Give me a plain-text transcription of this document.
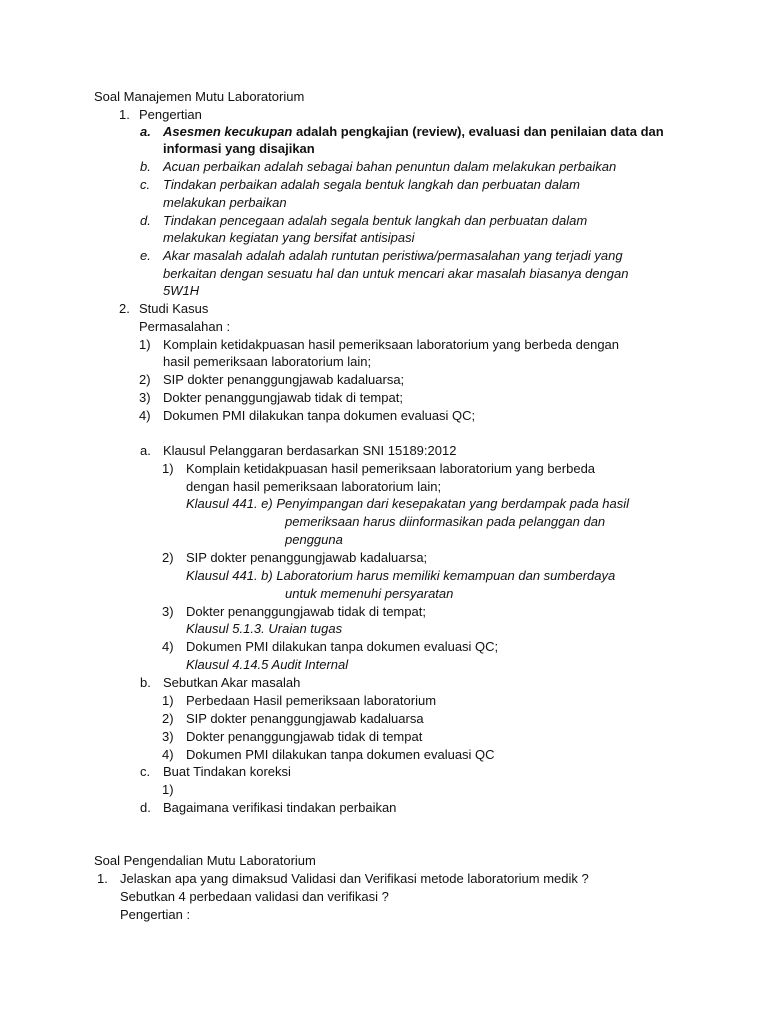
Soal Manajemen Mutu Laboratorium
1. Pengertian
a. Asesmen kecukupan adalah pengkajian (review), evaluasi dan penilaian data dan
informasi yang disajikan
b. Acuan perbaikan adalah sebagai bahan penuntun dalam melakukan perbaikan
c. Tindakan perbaikan adalah segala bentuk langkah dan perbuatan dalam
melakukan perbaikan
d. Tindakan pencegaan adalah segala bentuk langkah dan perbuatan dalam
melakukan kegiatan yang bersifat antisipasi
e. Akar masalah adalah adalah runtutan peristiwa/permasalahan yang terjadi yang
berkaitan dengan sesuatu hal dan untuk mencari akar masalah biasanya dengan
5W1H
2. Studi Kasus
Permasalahan :
1) Komplain ketidakpuasan hasil pemeriksaan laboratorium yang berbeda dengan
hasil pemeriksaan laboratorium lain;
2) SIP dokter penanggungjawab kadaluarsa;
3) Dokter penanggungjawab tidak di tempat;
4) Dokumen PMI dilakukan tanpa dokumen evaluasi QC;
a. Klausul Pelanggaran berdasarkan SNI 15189:2012
1) Komplain ketidakpuasan hasil pemeriksaan laboratorium yang berbeda
dengan hasil pemeriksaan laboratorium lain;
Klausul 441. e) Penyimpangan dari kesepakatan yang berdampak pada hasil
pemeriksaan harus diinformasikan pada pelanggan dan
pengguna
2) SIP dokter penanggungjawab kadaluarsa;
Klausul 441. b) Laboratorium harus memiliki kemampuan dan sumberdaya
untuk memenuhi persyaratan
3) Dokter penanggungjawab tidak di tempat;
Klausul 5.1.3. Uraian tugas
4) Dokumen PMI dilakukan tanpa dokumen evaluasi QC;
Klausul 4.14.5 Audit Internal
b. Sebutkan Akar masalah
1) Perbedaan Hasil pemeriksaan laboratorium
2) SIP dokter penanggungjawab kadaluarsa
3) Dokter penanggungjawab tidak di tempat
4) Dokumen PMI dilakukan tanpa dokumen evaluasi QC
c. Buat Tindakan koreksi
1)
d. Bagaimana verifikasi tindakan perbaikan
Soal Pengendalian Mutu Laboratorium
1. Jelaskan apa yang dimaksud Validasi dan Verifikasi metode laboratorium medik ?
Sebutkan 4 perbedaan validasi dan verifikasi ?
Pengertian :
